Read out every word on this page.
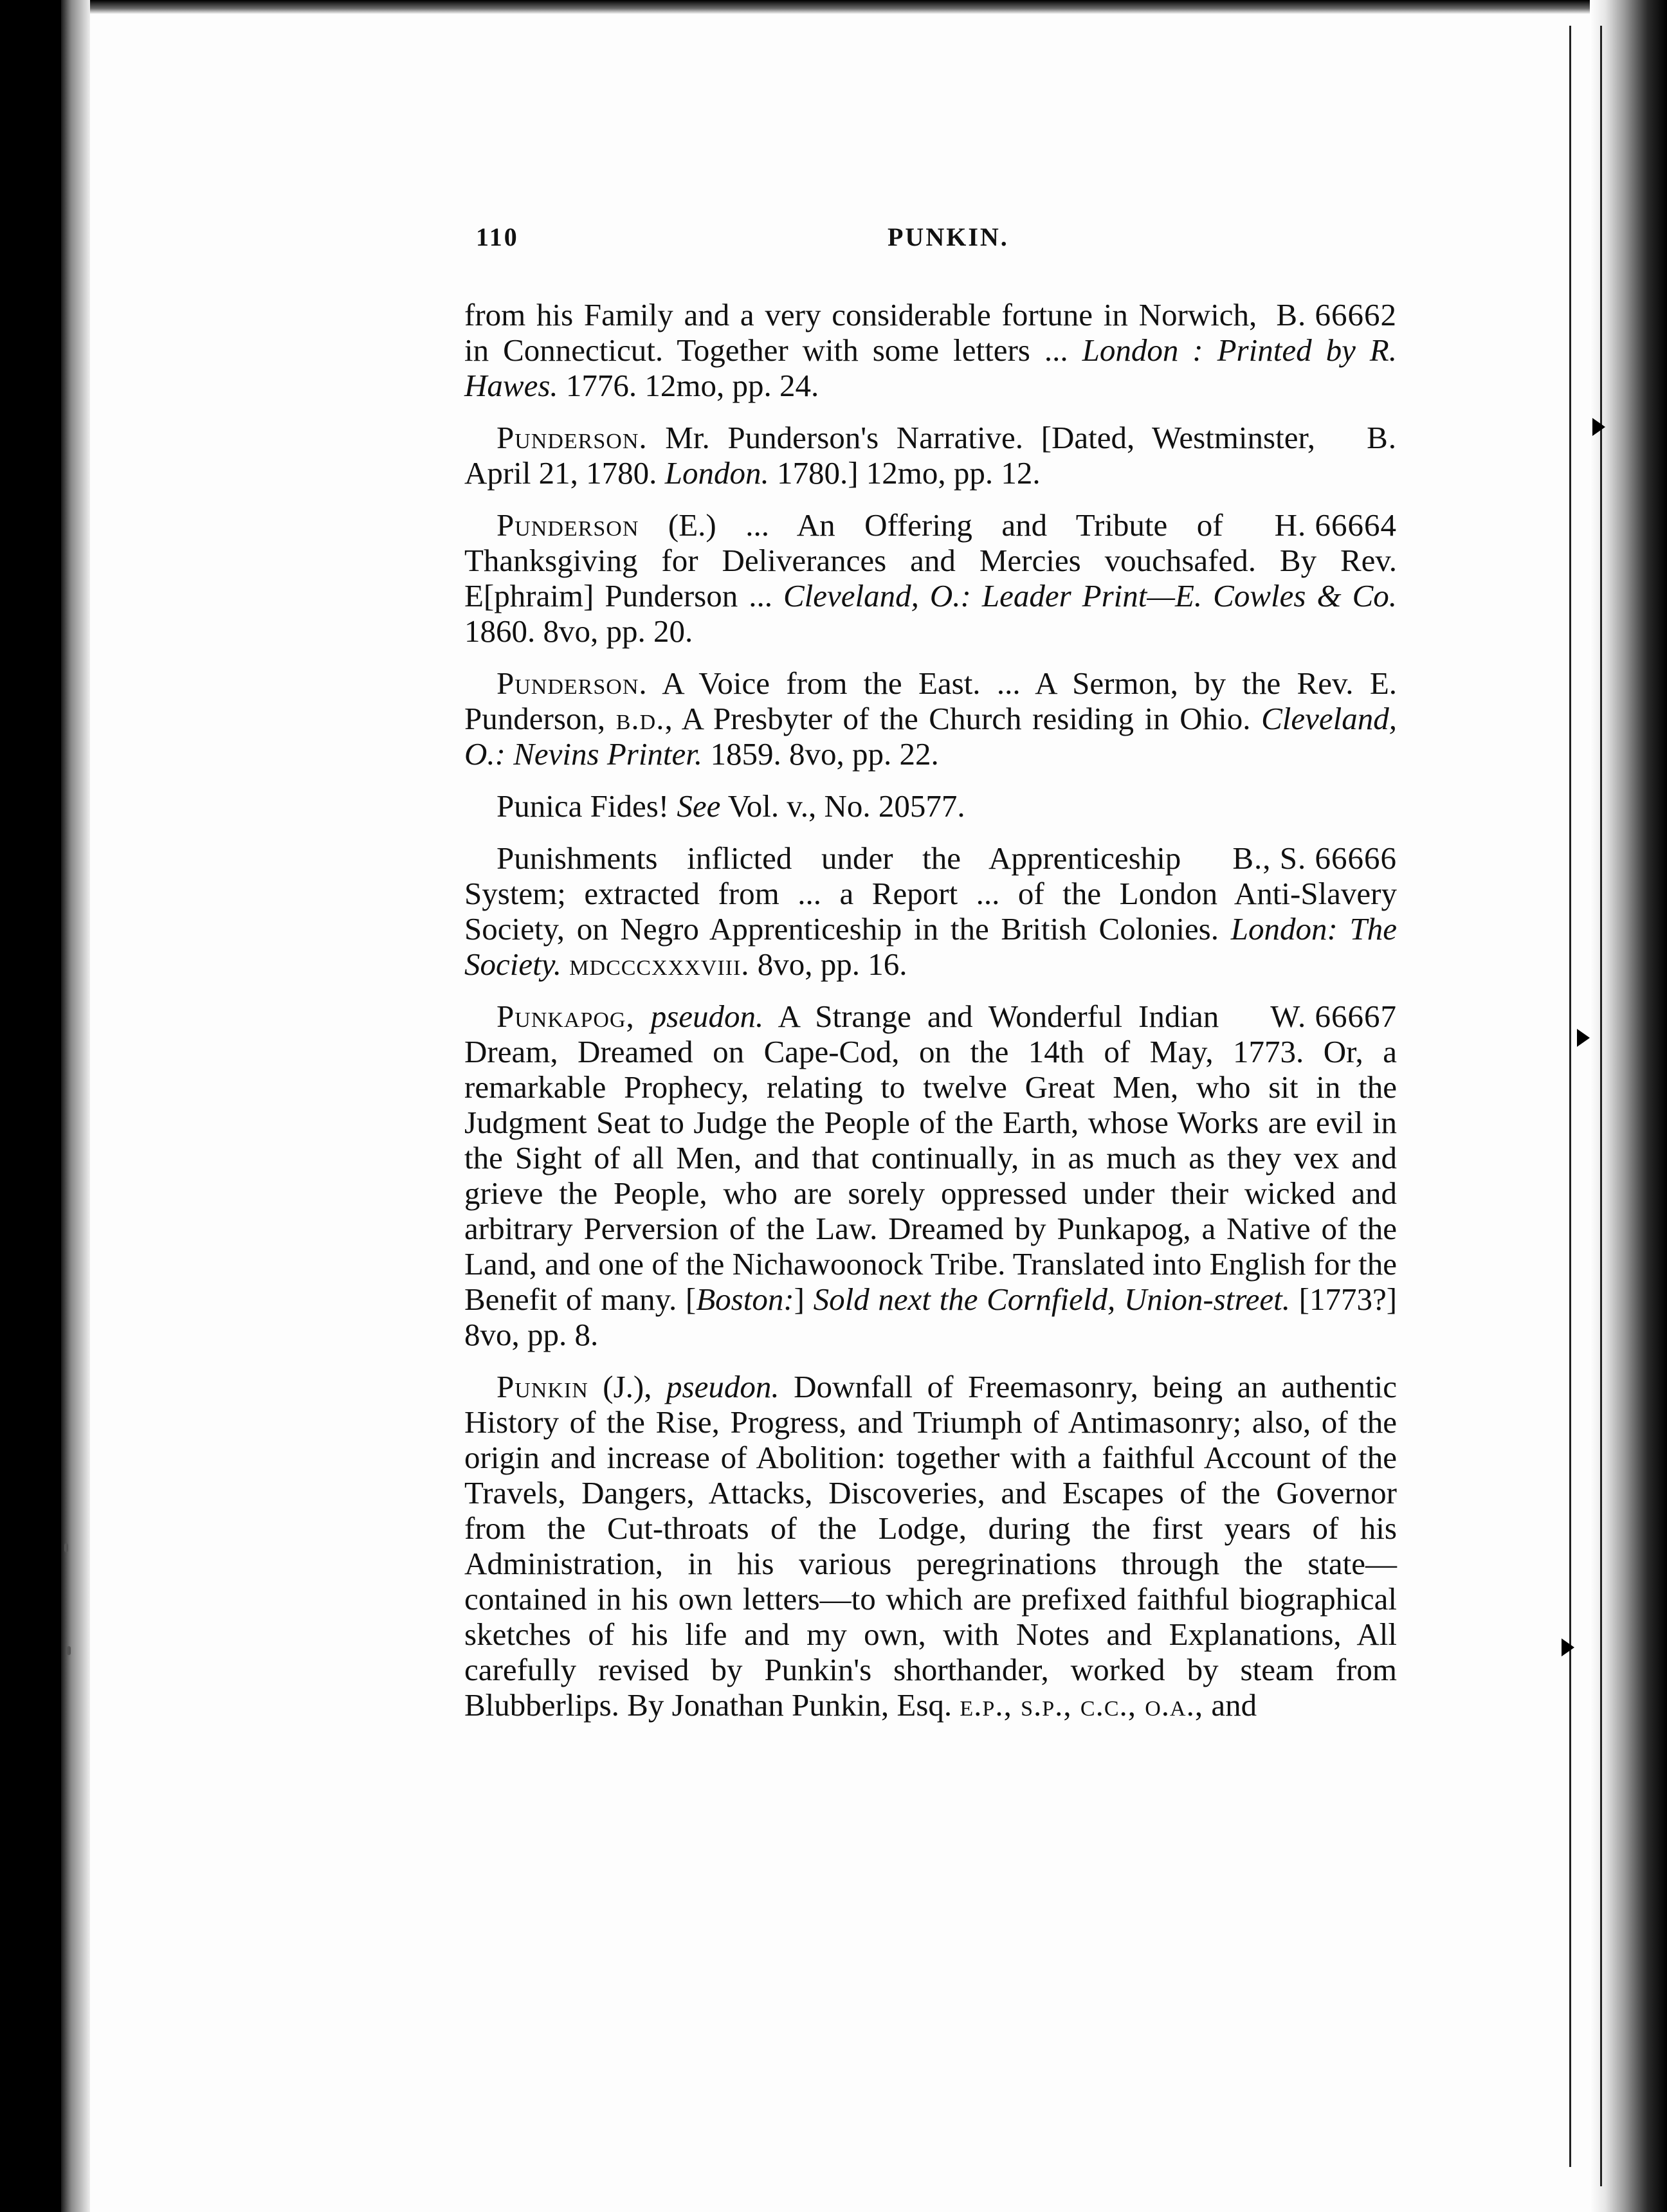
110	PUNKIN.

B. 66662
from his Family and a very considerable fortune in Norwich, in Connecticut. Together with some letters ... London : Printed by R. Hawes. 1776. 12mo, pp. 24.

B.
Punderson. Mr. Punderson's Narrative. [Dated, Westminster, April 21, 1780. London. 1780.] 12mo, pp. 12.

H. 66664
Punderson (E.) ... An Offering and Tribute of Thanksgiving for Deliverances and Mercies vouchsafed. By Rev. E[phraim] Punderson ... Cleveland, O.: Leader Print—E. Cowles & Co. 1860. 8vo, pp. 20.

Punderson. A Voice from the East. ... A Sermon, by the Rev. E. Punderson, b.d., A Presbyter of the Church residing in Ohio. Cleveland, O.: Nevins Printer. 1859. 8vo, pp. 22.

Punica Fides! See Vol. v., No. 20577.

B., S. 66666
Punishments inflicted under the Apprenticeship System; extracted from ... a Report ... of the London Anti-Slavery Society, on Negro Apprenticeship in the British Colonies. London: The Society. mdcccxxxviii. 8vo, pp. 16.

W. 66667
Punkapog, pseudon. A Strange and Wonderful Indian Dream, Dreamed on Cape-Cod, on the 14th of May, 1773. Or, a remarkable Prophecy, relating to twelve Great Men, who sit in the Judgment Seat to Judge the People of the Earth, whose Works are evil in the Sight of all Men, and that continually, in as much as they vex and grieve the People, who are sorely oppressed under their wicked and arbitrary Perversion of the Law. Dreamed by Punkapog, a Native of the Land, and one of the Nichawoonock Tribe. Translated into English for the Benefit of many. [Boston:] Sold next the Cornfield, Union-street. [1773?] 8vo, pp. 8.

Punkin (J.), pseudon. Downfall of Freemasonry, being an authentic History of the Rise, Progress, and Triumph of Antimasonry; also, of the origin and increase of Abolition: together with a faithful Account of the Travels, Dangers, Attacks, Discoveries, and Escapes of the Governor from the Cut-throats of the Lodge, during the first years of his Administration, in his various peregrinations through the state—contained in his own letters—to which are prefixed faithful biographical sketches of his life and my own, with Notes and Explanations, All carefully revised by Punkin's shorthander, worked by steam from Blubberlips. By Jonathan Punkin, Esq. e.p., s.p., c.c., o.a., and
